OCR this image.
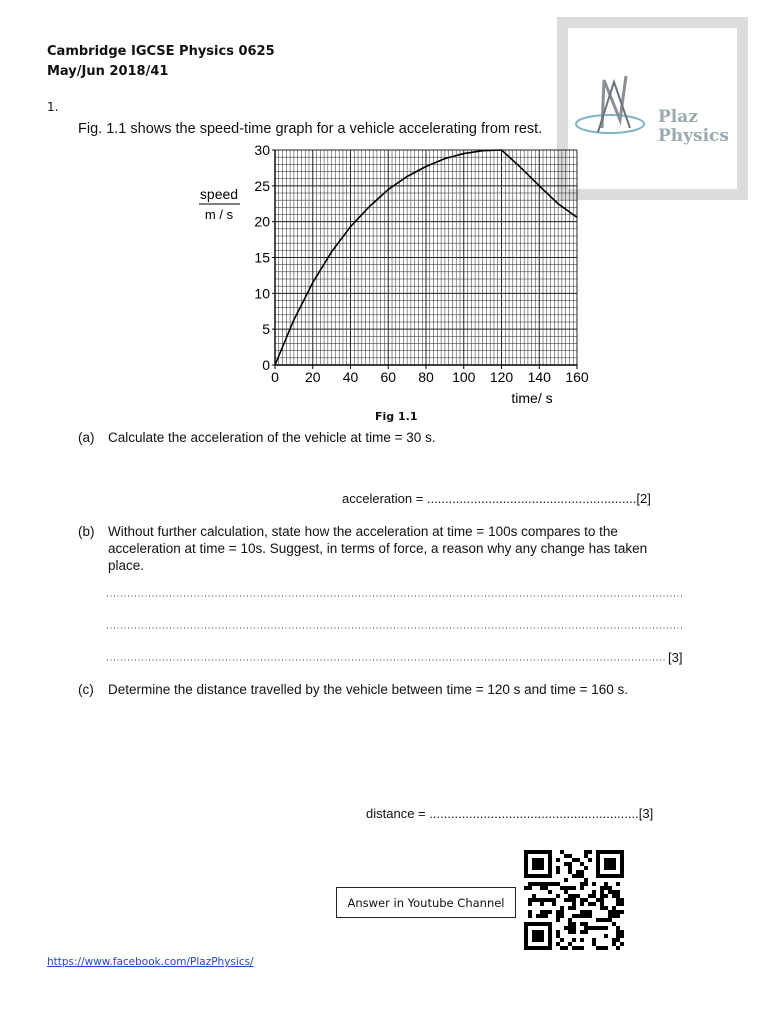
Cambridge IGCSE Physics 0625
May/Jun 2018/41
1.
Fig. 1.1 shows the speed-time graph for a vehicle accelerating from rest.
Plaz
Physics
0 20 40 60 80 100 120 140 160
0
5
10
15
20
25
30
time/ s
speed
m / s
Fig 1.1
(a) Calculate the acceleration of the vehicle at time = 30 s.
acceleration = ..........................................................[2]
(b) Without further calculation, state how the acceleration at time = 100s compares to the
acceleration at time = 10s. Suggest, in terms of force, a reason why any change has taken
place.
[3]
(c) Determine the distance travelled by the vehicle between time = 120 s and time = 160 s.
distance = ..........................................................[3]
Answer in Youtube Channel
https://www.facebook.com/PlazPhysics/
